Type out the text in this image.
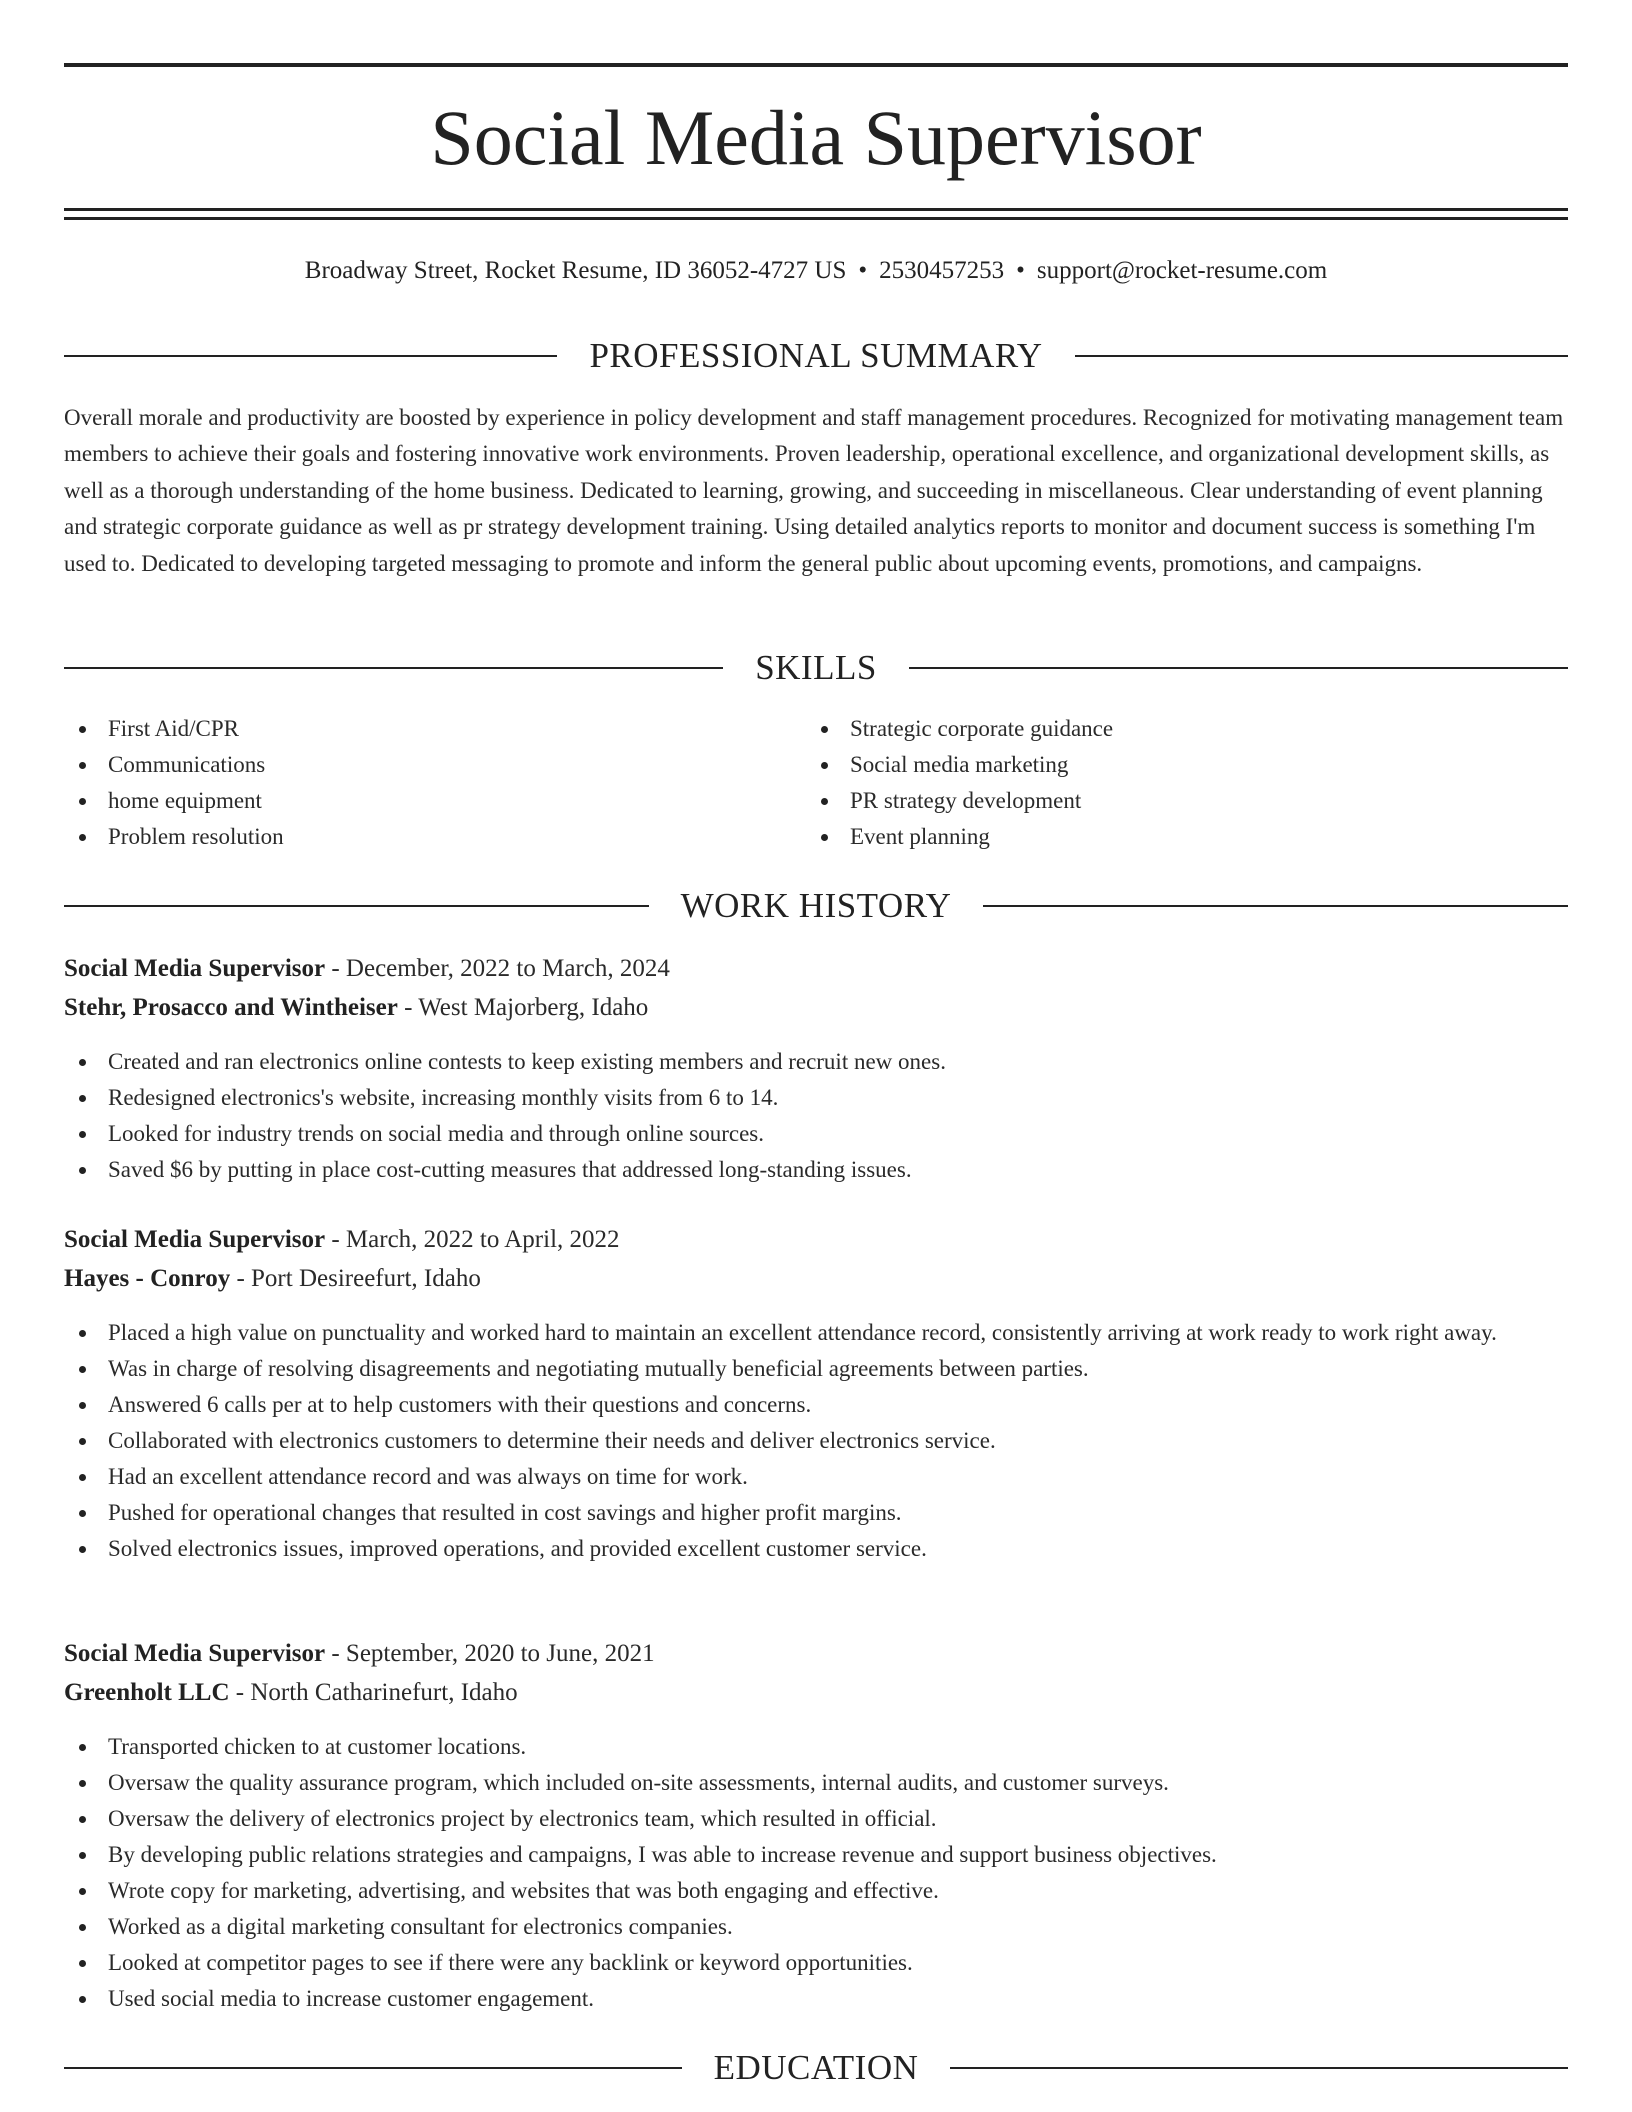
Social Media Supervisor
Broadway Street, Rocket Resume, ID 36052-4727 US • 2530457253 • support@rocket-resume.com
PROFESSIONAL SUMMARY

Overall morale and productivity are boosted by experience in policy development and staff management procedures. Recognized for motivating management team members to achieve their goals and fostering innovative work environments. Proven leadership, operational excellence, and organizational development skills, as well as a thorough understanding of the home business. Dedicated to learning, growing, and succeeding in miscellaneous. Clear understanding of event planning and strategic corporate guidance as well as pr strategy development training. Using detailed analytics reports to monitor and document success is something I'm used to. Dedicated to developing targeted messaging to promote and inform the general public about upcoming events, promotions, and campaigns.

SKILLS
First Aid/CPR
Communications
home equipment
Problem resolution
Strategic corporate guidance
Social media marketing
PR strategy development
Event planning
WORK HISTORY
Social Media Supervisor - December, 2022 to March, 2024
Stehr, Prosacco and Wintheiser - West Majorberg, Idaho
Created and ran electronics online contests to keep existing members and recruit new ones.
Redesigned electronics's website, increasing monthly visits from 6 to 14.
Looked for industry trends on social media and through online sources.
Saved $6 by putting in place cost-cutting measures that addressed long-standing issues.
Social Media Supervisor - March, 2022 to April, 2022
Hayes - Conroy - Port Desireefurt, Idaho
Placed a high value on punctuality and worked hard to maintain an excellent attendance record, consistently arriving at work ready to work right away.
Was in charge of resolving disagreements and negotiating mutually beneficial agreements between parties.
Answered 6 calls per at to help customers with their questions and concerns.
Collaborated with electronics customers to determine their needs and deliver electronics service.
Had an excellent attendance record and was always on time for work.
Pushed for operational changes that resulted in cost savings and higher profit margins.
Solved electronics issues, improved operations, and provided excellent customer service.
Social Media Supervisor - September, 2020 to June, 2021
Greenholt LLC - North Catharinefurt, Idaho
Transported chicken to at customer locations.
Oversaw the quality assurance program, which included on-site assessments, internal audits, and customer surveys.
Oversaw the delivery of electronics project by electronics team, which resulted in official.
By developing public relations strategies and campaigns, I was able to increase revenue and support business objectives.
Wrote copy for marketing, advertising, and websites that was both engaging and effective.
Worked as a digital marketing consultant for electronics companies.
Looked at competitor pages to see if there were any backlink or keyword opportunities.
Used social media to increase customer engagement.
EDUCATION
